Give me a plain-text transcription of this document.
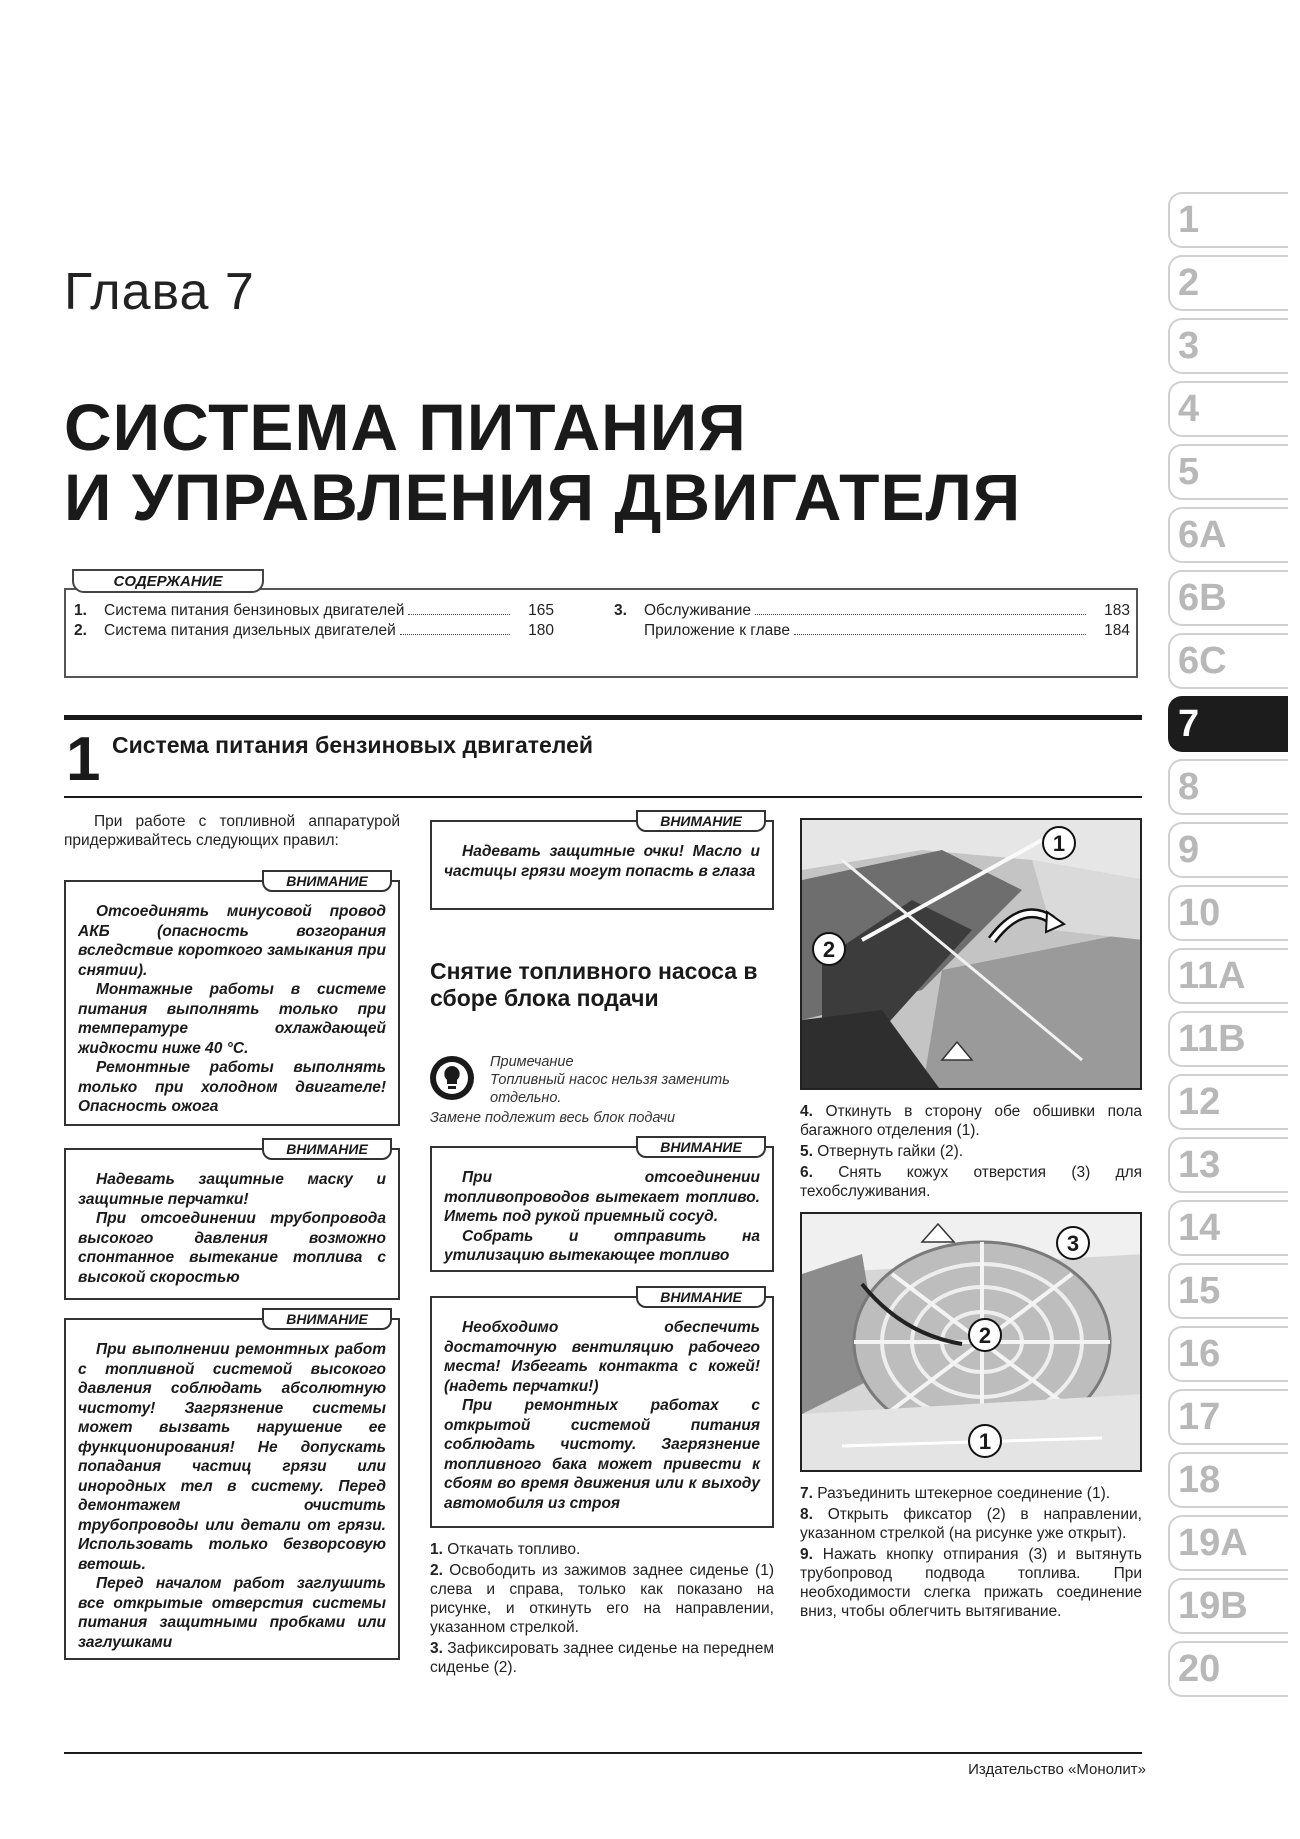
Глава 7
СИСТЕМА ПИТАНИЯ
И УПРАВЛЕНИЯ ДВИГАТЕЛЯ
СОДЕРЖАНИЕ
1.	Система питания бензиновых двигателей	165
2.	Система питания дизельных двигателей	180
3.	Обслуживание	183
Приложение к главе	184
1
2
3
4
5
6A
6B
6C
7
8
9
10
11A
11B
12
13
14
15
16
17
18
19A
19B
20
1 Система питания бензиновых двигателей
При работе с топливной аппаратурой придерживайтесь следующих правил:
ВНИМАНИЕ

Отсоединять минусовой провод АКБ (опасность возгорания вследствие короткого замыкания при снятии).

Монтажные работы в системе питания выполнять только при температуре охлаждающей жидкости ниже 40 °С.

Ремонтные работы выполнять только при холодном двигателе! Опасность ожога

ВНИМАНИЕ

Надевать защитные маску и защитные перчатки!

При отсоединении трубопровода высокого давления возможно спонтанное вытекание топлива с высокой скоростью

ВНИМАНИЕ

При выполнении ремонтных работ с топливной системой высокого давления соблюдать абсолютную чистоту! Загрязнение системы может вызвать нарушение ее функционирования! Не допускать попадания частиц грязи или инородных тел в систему. Перед демонтажем очистить трубопроводы или детали от грязи. Использовать только безворсовую ветошь.

Перед началом работ заглушить все открытые отверстия системы питания защитными пробками или заглушками

ВНИМАНИЕ

Надевать защитные очки! Масло и частицы грязи могут попасть в глаза

Снятие топливного насоса в сборе блока подачи
Примечание
Топливный насос нельзя заменить отдельно.
Замене подлежит весь блок подачи
ВНИМАНИЕ

При отсоединении топливопроводов вытекает топливо. Иметь под рукой приемный сосуд.

Собрать и отправить на утилизацию вытекающее топливо

ВНИМАНИЕ

Необходимо обеспечить достаточную вентиляцию рабочего места! Избегать контакта с кожей! (надеть перчатки!)

При ремонтных работах с открытой системой питания соблюдать чистоту. Загрязнение топливного бака может привести к сбоям во время движения или к выходу автомобиля из строя

1. Откачать топливо.

2. Освободить из зажимов заднее сиденье (1) слева и справа, только как показано на рисунке, и откинуть его на направлении, указанном стрелкой.

3. Зафиксировать заднее сиденье на переднем сиденье (2).

1
2

4. Откинуть в сторону обе обшивки пола багажного отделения (1).

5. Отвернуть гайки (2).

6. Снять кожух отверстия (3) для техобслуживания.

3
2
1

7. Разъединить штекерное соединение (1).

8. Открыть фиксатор (2) в направлении, указанном стрелкой (на рисунке уже открыт).

9. Нажать кнопку отпирания (3) и вытянуть трубопровод подвода топлива. При необходимости слегка прижать соединение вниз, чтобы облегчить вытягивание.

Издательство «Монолит»
